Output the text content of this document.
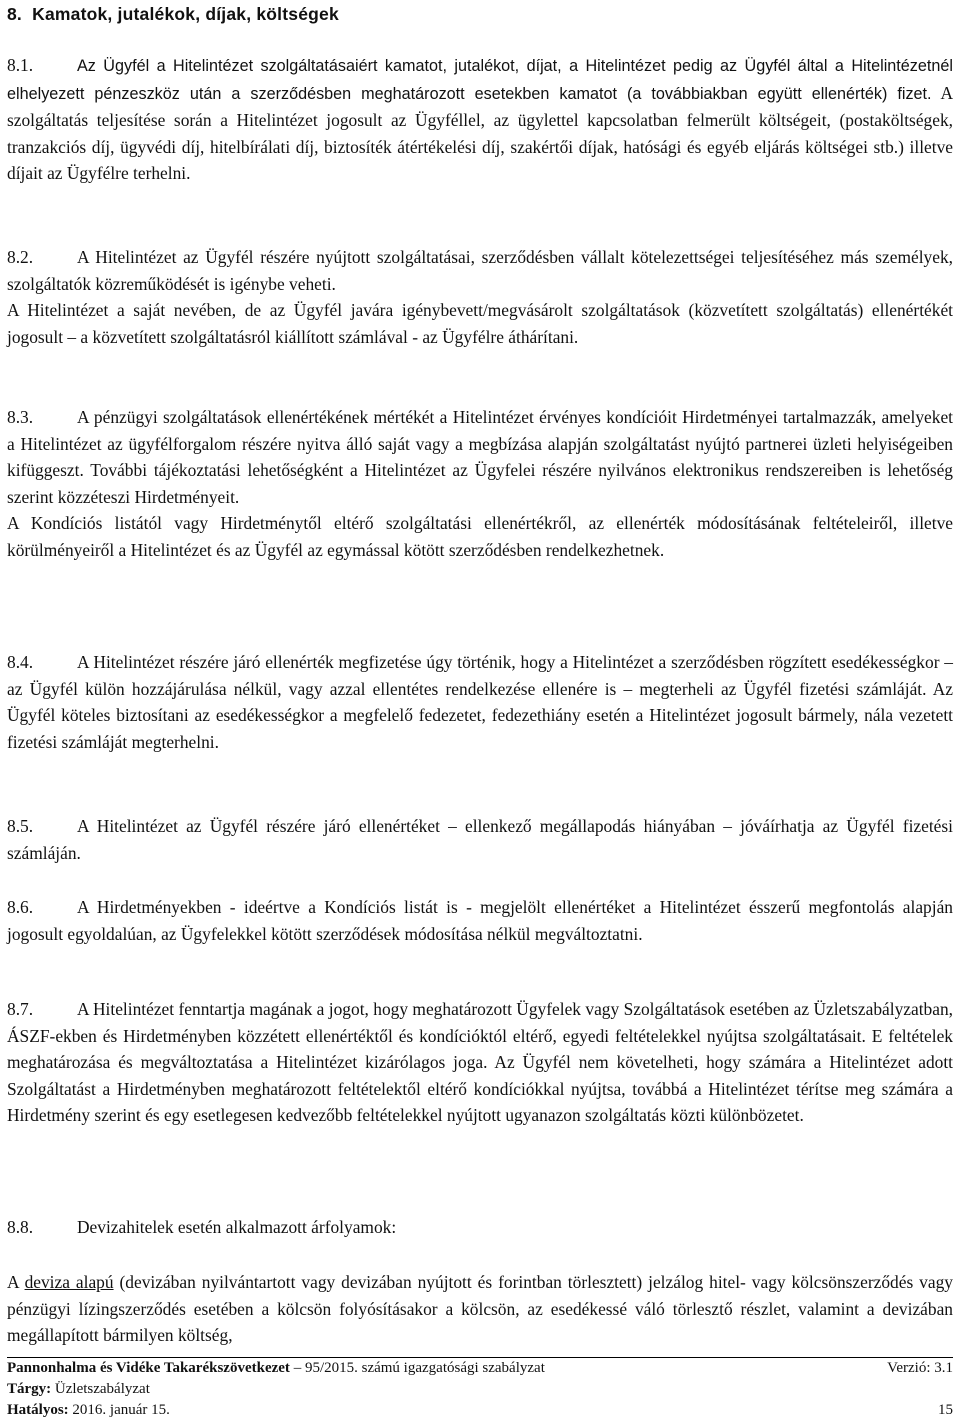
8.  Kamatok, jutalékok, díjak, költségek
8.1.	Az Ügyfél a Hitelintézet szolgáltatásaiért kamatot, jutalékot, díjat, a Hitelintézet pedig az Ügyfél által a Hitelintézetnél elhelyezett pénzeszköz után a szerződésben meghatározott esetekben kamatot (a továbbiakban együtt ellenérték) fizet. A szolgáltatás teljesítése során a Hitelintézet jogosult az Ügyféllel, az ügylettel kapcsolatban felmerült költségeit, (postaköltségek, tranzakciós díj, ügyvédi díj, hitelbírálati díj, biztosíték átértékelési díj, szakértői díjak, hatósági és egyéb eljárás költségei stb.) illetve díjait az Ügyfélre terhelni.
8.2.	A Hitelintézet az Ügyfél részére nyújtott szolgáltatásai, szerződésben vállalt kötelezettségei teljesítéséhez más személyek, szolgáltatók közreműködését is igénybe veheti.
A Hitelintézet a saját nevében, de az Ügyfél javára igénybevett/megvásárolt szolgáltatások (közvetített szolgáltatás) ellenértékét jogosult – a közvetített szolgáltatásról kiállított számlával - az Ügyfélre áthárítani.
8.3.	A pénzügyi szolgáltatások ellenértékének mértékét a Hitelintézet érvényes kondícióit Hirdetményei tartalmazzák, amelyeket a Hitelintézet az ügyfélforgalom részére nyitva álló saját vagy a megbízása alapján szolgáltatást nyújtó partnerei üzleti helyiségeiben kifüggeszt. További tájékoztatási lehetőségként a Hitelintézet az Ügyfelei részére nyilvános elektronikus rendszereiben is lehetőség szerint közzéteszi Hirdetményeit.
A Kondíciós listától vagy Hirdetménytől eltérő szolgáltatási ellenértékről, az ellenérték módosításának feltételeiről, illetve körülményeiről a Hitelintézet és az Ügyfél az egymással kötött szerződésben rendelkezhetnek.
8.4.	A Hitelintézet részére járó ellenérték megfizetése úgy történik, hogy a Hitelintézet a szerződésben rögzített esedékességkor – az Ügyfél külön hozzájárulása nélkül, vagy azzal ellentétes rendelkezése ellenére is – megterheli az Ügyfél fizetési számláját. Az Ügyfél köteles biztosítani az esedékességkor a megfelelő fedezetet, fedezethiány esetén a Hitelintézet jogosult bármely, nála vezetett fizetési számláját megterhelni.
8.5.	A Hitelintézet az Ügyfél részére járó ellenértéket – ellenkező megállapodás hiányában – jóváírhatja az Ügyfél fizetési számláján.
8.6.	A Hirdetményekben - ideértve a Kondíciós listát is - megjelölt ellenértéket a Hitelintézet ésszerű megfontolás alapján jogosult egyoldalúan, az Ügyfelekkel kötött szerződések módosítása nélkül megváltoztatni.
8.7.	A Hitelintézet fenntartja magának a jogot, hogy meghatározott Ügyfelek vagy Szolgáltatások esetében az Üzletszabályzatban, ÁSZF-ekben és Hirdetményben közzétett ellenértéktől és kondícióktól eltérő, egyedi feltételekkel nyújtsa szolgáltatásait. E feltételek meghatározása és megváltoztatása a Hitelintézet kizárólagos joga. Az Ügyfél nem követelheti, hogy számára a Hitelintézet adott Szolgáltatást a Hirdetményben meghatározott feltételektől eltérő kondíciókkal nyújtsa, továbbá a Hitelintézet térítse meg számára a Hirdetmény szerint és egy esetlegesen kedvezőbb feltételekkel nyújtott ugyanazon szolgáltatás közti különbözetet.
8.8.	Devizahitelek esetén alkalmazott árfolyamok:
A deviza alapú (devizában nyilvántartott vagy devizában nyújtott és forintban törlesztett) jelzálog hitel- vagy kölcsönszerződés vagy pénzügyi lízingszerződés esetében a kölcsön folyósításakor a kölcsön, az esedékessé váló törlesztő részlet, valamint a devizában megállapított bármilyen költség,
Pannonhalma és Vidéke Takarékszövetkezet – 95/2015. számú igazgatósági szabályzat	Verzió: 3.1
Tárgy: Üzletszabályzat
Hatályos: 2016. január 15.	15
